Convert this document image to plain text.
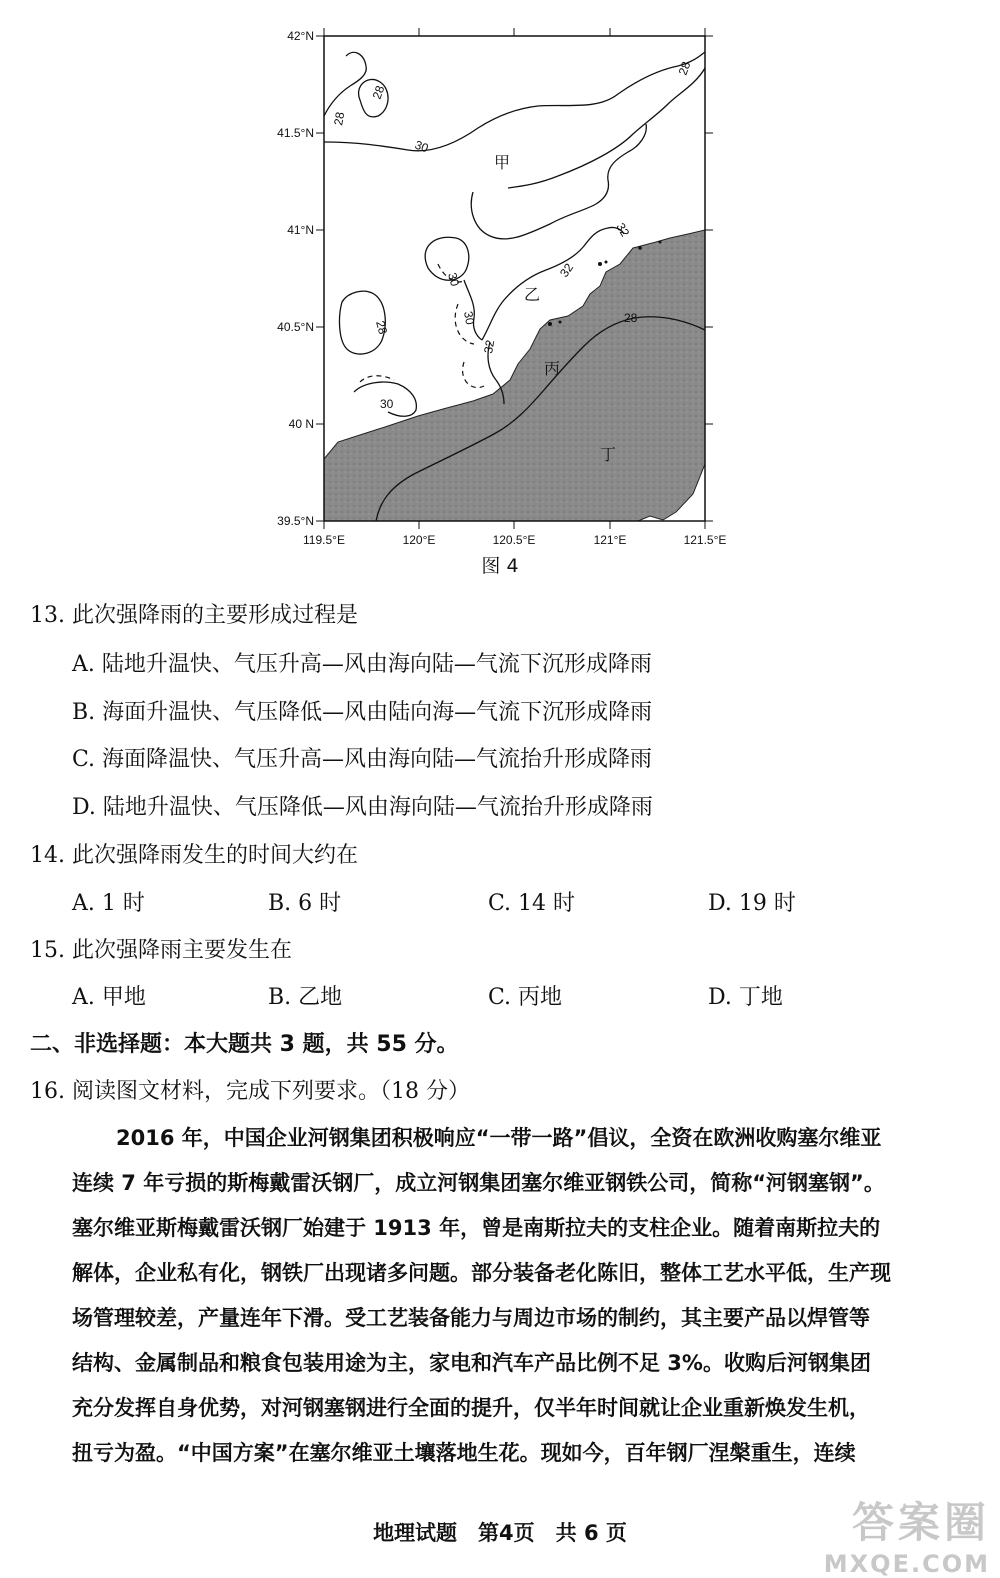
42°N
41.5°N
41°N
40.5°N
40 N
39.5°N
119.5°E	120°E	120.5°E	121°E	121.5°E
28
28
28
30
30
30
32
32
32
28
28
30
甲
乙
丙
丁
图 4
13. 此次强降雨的主要形成过程是
A. 陆地升温快、气压升高—风由海向陆—气流下沉形成降雨
B. 海面升温快、气压降低—风由陆向海—气流下沉形成降雨
C. 海面降温快、气压升高—风由海向陆—气流抬升形成降雨
D. 陆地升温快、气压降低—风由海向陆—气流抬升形成降雨
14. 此次强降雨发生的时间大约在
A. 1 时	B. 6 时	C. 14 时	D. 19 时
15. 此次强降雨主要发生在
A. 甲地	B. 乙地	C. 丙地	D. 丁地
二、非选择题：本大题共 3 题，共 55 分。
16. 阅读图文材料，完成下列要求。（18 分）
2016 年，中国企业河钢集团积极响应“一带一路”倡议，全资在欧洲收购塞尔维亚
连续 7 年亏损的斯梅戴雷沃钢厂，成立河钢集团塞尔维亚钢铁公司，简称“河钢塞钢”。
塞尔维亚斯梅戴雷沃钢厂始建于 1913 年，曾是南斯拉夫的支柱企业。随着南斯拉夫的
解体，企业私有化，钢铁厂出现诸多问题。部分装备老化陈旧，整体工艺水平低，生产现
场管理较差，产量连年下滑。受工艺装备能力与周边市场的制约，其主要产品以焊管等
结构、金属制品和粮食包装用途为主，家电和汽车产品比例不足 3%。收购后河钢集团
充分发挥自身优势，对河钢塞钢进行全面的提升，仅半年时间就让企业重新焕发生机，
扭亏为盈。“中国方案”在塞尔维亚土壤落地生花。现如今，百年钢厂涅槃重生，连续
地理试题　第4页　共 6 页	答案圈
MXQE.COM
